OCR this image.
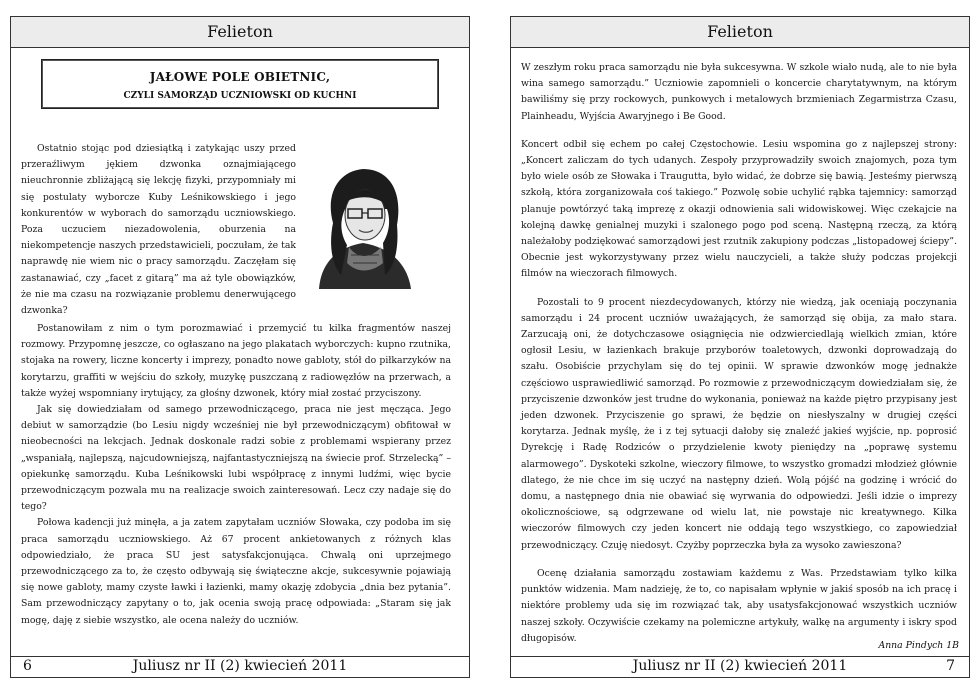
Felieton
JAŁOWE POLE OBIETNIC,
CZYLI SAMORZĄD UCZNIOWSKI OD KUCHNI

Ostatnio stojąc pod dziesiątką i zatykając uszy przed przeraźliwym jękiem dzwonka oznajmiającego nieuchronnie zbliżającą się lekcję fizyki, przypomniały mi się postulaty wyborcze Kuby Leśnikowskiego i jego konkurentów w wyborach do samorządu uczniowskiego. Poza uczuciem niezadowolenia, oburzenia na niekompetencje naszych przedstawicieli, poczułam, że tak naprawdę nie wiem nic o pracy samorządu. Zaczęłam się zastanawiać, czy „facet z gitarą” ma aż tyle obowiązków, że nie ma czasu na rozwiązanie problemu denerwującego dzwonka?

Postanowiłam z nim o tym porozmawiać i przemycić tu kilka fragmentów naszej rozmowy. Przypomnę jeszcze, co ogłaszano na jego plakatach wyborczych: kupno rzutnika, stojaka na rowery, liczne koncerty i imprezy, ponadto nowe gabloty, stół do piłkarzyków na korytarzu, graffiti w wejściu do szkoły, muzykę puszczaną z radiowęzłów na przerwach, a także wyżej wspomniany irytujący, za głośny dzwonek, który miał zostać przyciszony.

Jak się dowiedziałam od samego przewodniczącego, praca nie jest męcząca. Jego debiut w samorządzie (bo Lesiu nigdy wcześniej nie był przewodniczącym) obfitował w nieobecności na lekcjach. Jednak doskonale radzi sobie z problemami wspierany przez „wspaniałą, najlepszą, najcudowniejszą, najfantastyczniejszą na świecie prof. Strzelecką” – opiekunkę samorządu. Kuba Leśnikowski lubi współpracę z innymi ludźmi, więc bycie przewodniczącym pozwala mu na realizacje swoich zainteresowań. Lecz czy nadaje się do tego?

Połowa kadencji już minęła, a ja zatem zapytałam uczniów Słowaka, czy podoba im się praca samorządu uczniowskiego. Aż 67 procent ankietowanych z różnych klas odpowiedziało, że praca SU jest satysfakcjonująca. Chwalą oni uprzejmego przewodniczącego za to, że często odbywają się świąteczne akcje, sukcesywnie pojawiają się nowe gabloty, mamy czyste ławki i łazienki, mamy okazję zdobycia „dnia bez pytania”. Sam przewodniczący zapytany o to, jak ocenia swoją pracę odpowiada: „Staram się jak mogę, daję z siebie wszystko, ale ocena należy do uczniów.

6	Juliusz nr II (2) kwiecień 2011
Felieton

W zeszłym roku praca samorządu nie była sukcesywna. W szkole wiało nudą, ale to nie była wina samego samorządu.” Uczniowie zapomnieli o koncercie charytatywnym, na którym bawiliśmy się przy rockowych, punkowych i metalowych brzmieniach Zegarmistrza Czasu, Plainheadu, Wyjścia Awaryjnego i Be Good.

Koncert odbił się echem po całej Częstochowie. Lesiu wspomina go z najlepszej strony: „Koncert zaliczam do tych udanych. Zespoły przyprowadziły swoich znajomych, poza tym było wiele osób ze Słowaka i Traugutta, było widać, że dobrze się bawią. Jesteśmy pierwszą szkołą, która zorganizowała coś takiego.” Pozwolę sobie uchylić rąbka tajemnicy: samorząd planuje powtórzyć taką imprezę z okazji odnowienia sali widowiskowej. Więc czekajcie na kolejną dawkę genialnej muzyki i szalonego pogo pod sceną. Następną rzeczą, za którą należałoby podziękować samorządowi jest rzutnik zakupiony podczas „listopadowej ściepy”. Obecnie jest wykorzystywany przez wielu nauczycieli, a także służy podczas projekcji filmów na wieczorach filmowych.

Pozostali to 9 procent niezdecydowanych, którzy nie wiedzą, jak oceniają poczynania samorządu i 24 procent uczniów uważających, że samorząd się obija, za mało stara. Zarzucają oni, że dotychczasowe osiągnięcia nie odzwierciedlają wielkich zmian, które ogłosił Lesiu, w łazienkach brakuje przyborów toaletowych, dzwonki doprowadzają do szału. Osobiście przychylam się do tej opinii. W sprawie dzwonków mogę jednakże częściowo usprawiedliwić samorząd. Po rozmowie z przewodniczącym dowiedziałam się, że przyciszenie dzwonków jest trudne do wykonania, ponieważ na każde piętro przypisany jest jeden dzwonek. Przyciszenie go sprawi, że będzie on niesłyszalny w drugiej części korytarza. Jednak myślę, że i z tej sytuacji dałoby się znaleźć jakieś wyjście, np. poprosić Dyrekcję i Radę Rodziców o przydzielenie kwoty pieniędzy na „poprawę systemu alarmowego”. Dyskoteki szkolne, wieczory filmowe, to wszystko gromadzi młodzież głównie dlatego, że nie chce im się uczyć na następny dzień. Wolą pójść na godzinę i wrócić do domu, a następnego dnia nie obawiać się wyrwania do odpowiedzi. Jeśli idzie o imprezy okolicznościowe, są odgrzewane od wielu lat, nie powstaje nic kreatywnego. Kilka wieczorów filmowych czy jeden koncert nie oddają tego wszystkiego, co zapowiedział przewodniczący. Czuję niedosyt. Czyżby poprzeczka była za wysoko zawieszona?

Ocenę działania samorządu zostawiam każdemu z Was. Przedstawiam tylko kilka punktów widzenia. Mam nadzieję, że to, co napisałam wpłynie w jakiś sposób na ich pracę i niektóre problemy uda się im rozwiązać tak, aby usatysfakcjonować wszystkich uczniów naszej szkoły. Oczywiście czekamy na polemiczne artykuły, walkę na argumenty i iskry spod długopisów.

Anna Pindych 1B
Juliusz nr II (2) kwiecień 2011	7
